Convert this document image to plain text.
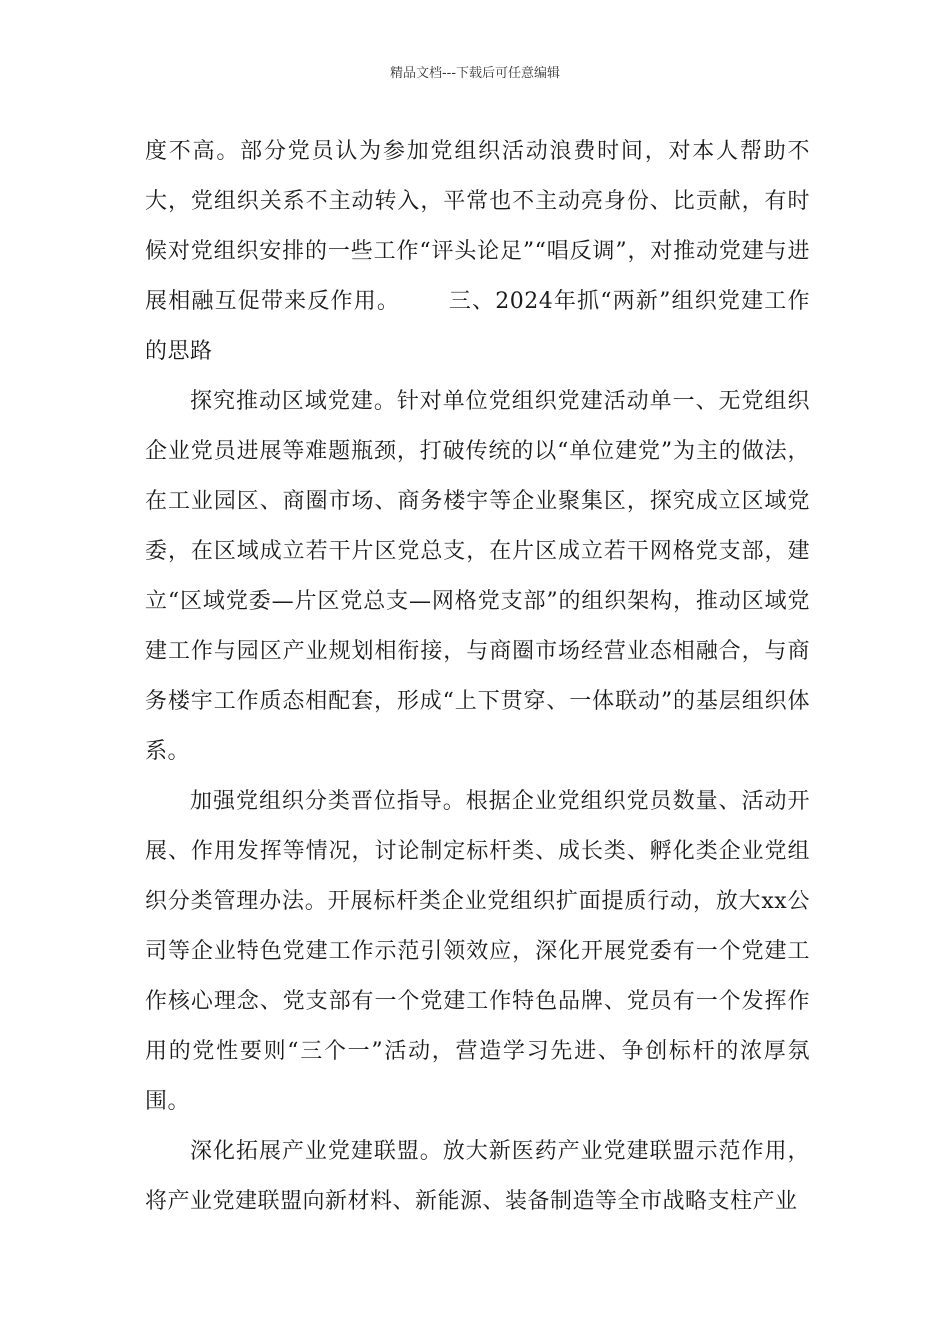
精品文档---下载后可任意编辑

度不高。部分党员认为参加党组织活动浪费时间，对本人帮助不大，党组织关系不主动转入，平常也不主动亮身份、比贡献，有时候对党组织安排的一些工作“评头论足”“唱反调”，对推动党建与进展相融互促带来反作用。 三、2024年抓“两新”组织党建工作的思路

探究推动区域党建。针对单位党组织党建活动单一、无党组织企业党员进展等难题瓶颈，打破传统的以“单位建党”为主的做法，在工业园区、商圈市场、商务楼宇等企业聚集区，探究成立区域党委，在区域成立若干片区党总支，在片区成立若干网格党支部，建立“区域党委—片区党总支—网格党支部”的组织架构，推动区域党建工作与园区产业规划相衔接，与商圈市场经营业态相融合，与商务楼宇工作质态相配套，形成“上下贯穿、一体联动”的基层组织体系。

加强党组织分类晋位指导。根据企业党组织党员数量、活动开展、作用发挥等情况，讨论制定标杆类、成长类、孵化类企业党组织分类管理办法。开展标杆类企业党组织扩面提质行动，放大xx公司等企业特色党建工作示范引领效应，深化开展党委有一个党建工作核心理念、党支部有一个党建工作特色品牌、党员有一个发挥作用的党性要则“三个一”活动，营造学习先进、争创标杆的浓厚氛围。

深化拓展产业党建联盟。放大新医药产业党建联盟示范作用，将产业党建联盟向新材料、新能源、装备制造等全市战略支柱产业
